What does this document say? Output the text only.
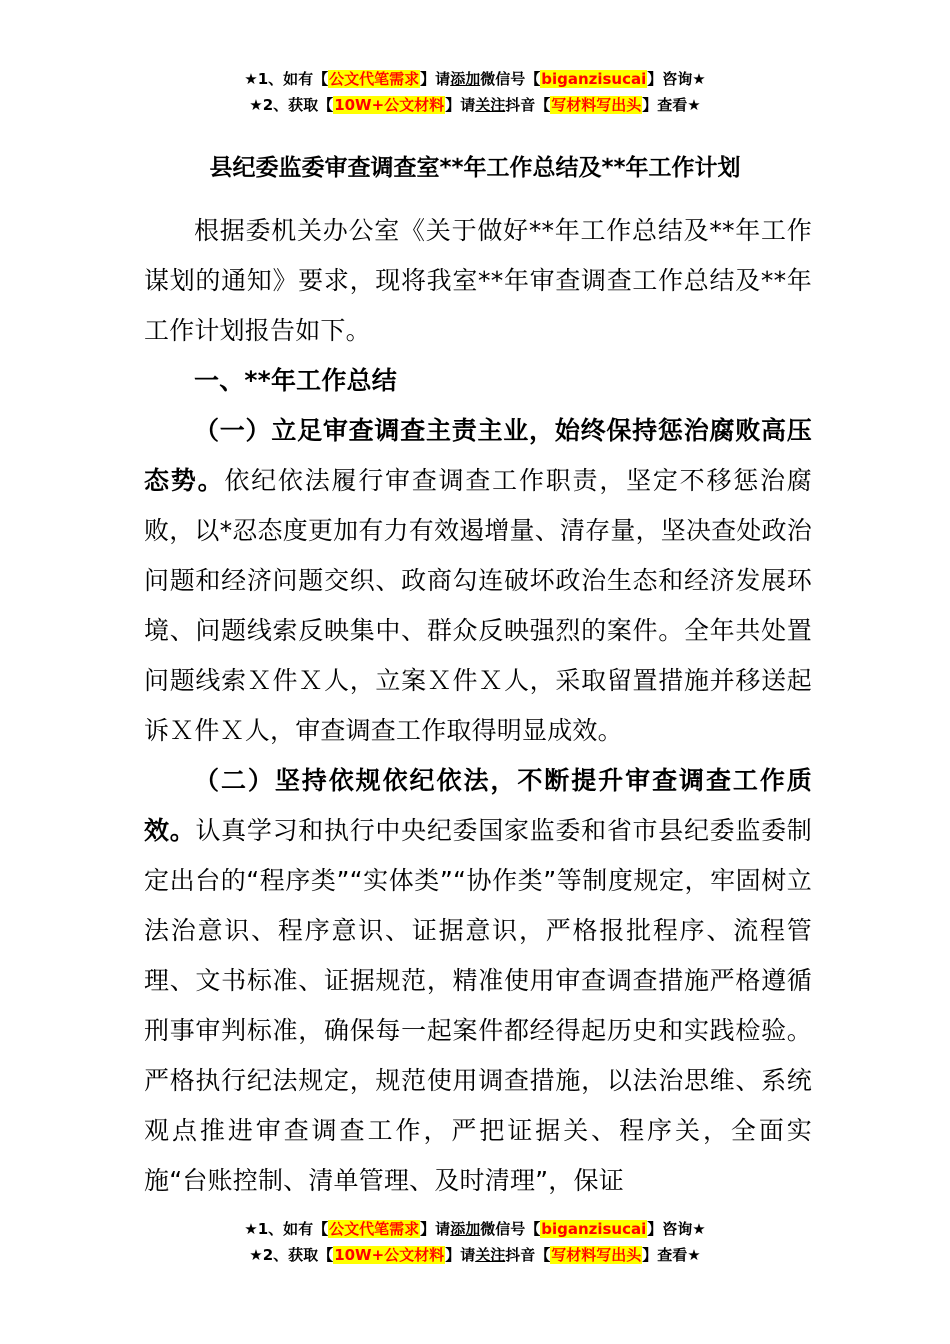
★1、如有【公文代笔需求】请添加微信号【biganzisucai】咨询★
★2、获取【10W+公文材料】请关注抖音【写材料写出头】查看★
县纪委监委审查调查室**年工作总结及**年工作计划

根据委机关办公室《关于做好**年工作总结及**年工作谋划的通知》要求，现将我室**年审查调查工作总结及**年工作计划报告如下。

一、**年工作总结

（一）立足审查调查主责主业，始终保持惩治腐败高压态势。依纪依法履行审查调查工作职责，坚定不移惩治腐败，以*忍态度更加有力有效遏增量、清存量，坚决查处政治问题和经济问题交织、政商勾连破坏政治生态和经济发展环境、问题线索反映集中、群众反映强烈的案件。全年共处置问题线索Ｘ件Ｘ人，立案Ｘ件Ｘ人，采取留置措施并移送起诉Ｘ件Ｘ人，审查调查工作取得明显成效。

（二）坚持依规依纪依法，不断提升审查调查工作质效。认真学习和执行中央纪委国家监委和省市县纪委监委制定出台的“程序类”“实体类”“协作类”等制度规定，牢固树立法治意识、程序意识、证据意识，严格报批程序、流程管理、文书标准、证据规范，精准使用审查调查措施严格遵循刑事审判标准，确保每一起案件都经得起历史和实践检验。严格执行纪法规定，规范使用调查措施，以法治思维、系统观点推进审查调查工作，严把证据关、程序关，全面实施“台账控制、清单管理、及时清理”，保证

★1、如有【公文代笔需求】请添加微信号【biganzisucai】咨询★
★2、获取【10W+公文材料】请关注抖音【写材料写出头】查看★
